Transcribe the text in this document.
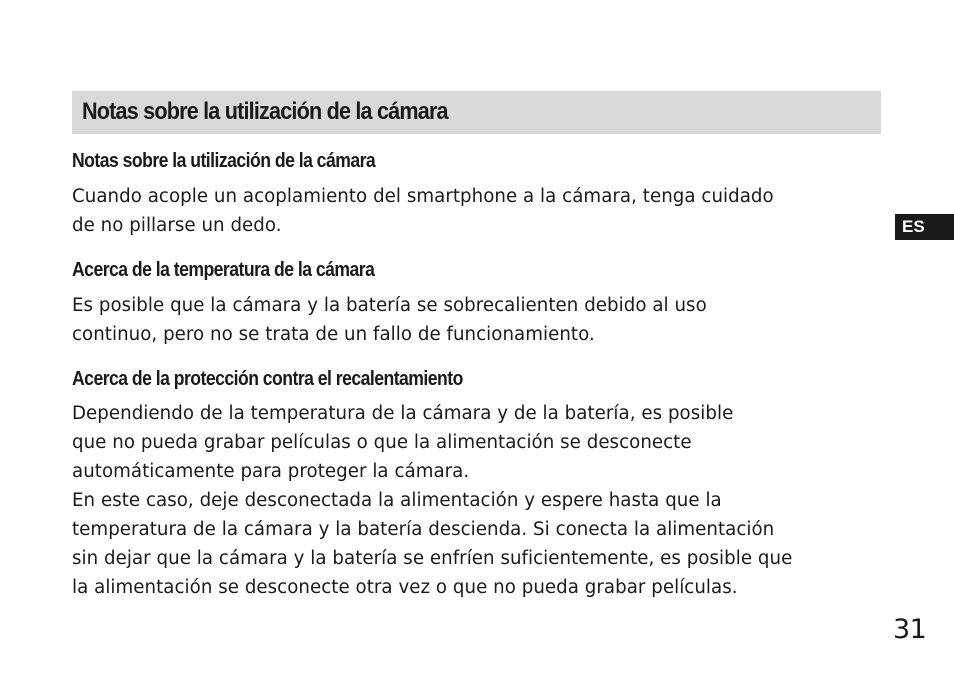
Notas sobre la utilización de la cámara
Notas sobre la utilización de la cámara

Cuando acople un acoplamiento del smartphone a la cámara, tenga cuidado
de no pillarse un dedo.

Acerca de la temperatura de la cámara

Es posible que la cámara y la batería se sobrecalienten debido al uso
continuo, pero no se trata de un fallo de funcionamiento.

Acerca de la protección contra el recalentamiento

Dependiendo de la temperatura de la cámara y de la batería, es posible
que no pueda grabar películas o que la alimentación se desconecte
automáticamente para proteger la cámara.
En este caso, deje desconectada la alimentación y espere hasta que la
temperatura de la cámara y la batería descienda. Si conecta la alimentación
sin dejar que la cámara y la batería se enfríen suficientemente, es posible que
la alimentación se desconecte otra vez o que no pueda grabar películas.

ES
31
